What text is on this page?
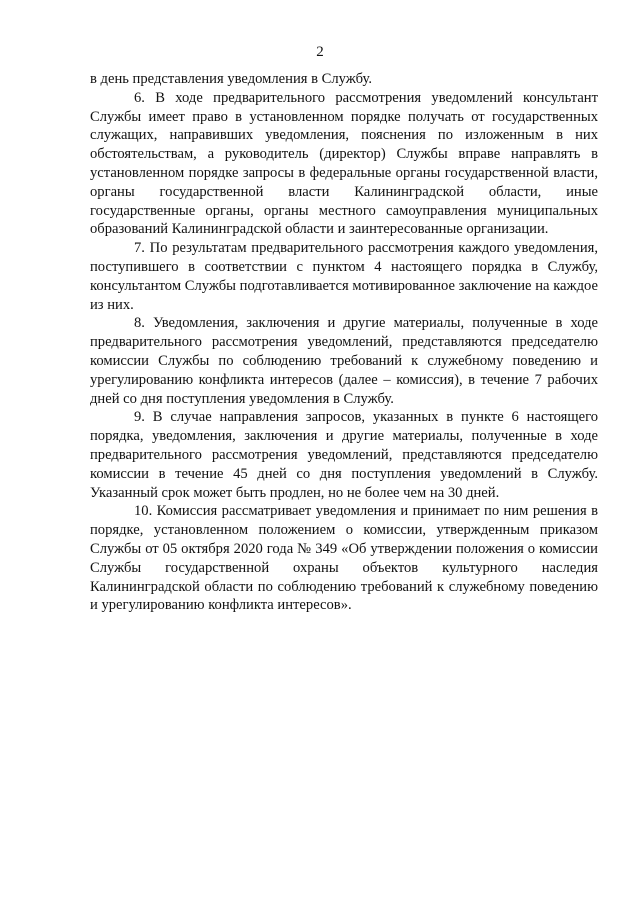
2

в день представления уведомления в Службу.

6. В ходе предварительного рассмотрения уведомлений консультант Службы имеет право в установленном порядке получать от государственных служащих, направивших уведомления, пояснения по изложенным в них обстоятельствам, а руководитель (директор) Службы вправе направлять в установленном порядке запросы в федеральные органы государственной власти, органы государственной власти Калининградской области, иные государственные органы, органы местного самоуправления муниципальных образований Калининградской области и заинтересованные организации.

7. По результатам предварительного рассмотрения каждого уведомления, поступившего в соответствии с пунктом 4 настоящего порядка в Службу, консультантом Службы подготавливается мотивированное заключение на каждое из них.

8. Уведомления, заключения и другие материалы, полученные в ходе предварительного рассмотрения уведомлений, представляются председателю комиссии Службы по соблюдению требований к служебному поведению и урегулированию конфликта интересов (далее – комиссия), в течение 7 рабочих дней со дня поступления уведомления в Службу.

9. В случае направления запросов, указанных в пункте 6 настоящего порядка, уведомления, заключения и другие материалы, полученные в ходе предварительного рассмотрения уведомлений, представляются председателю комиссии в течение 45 дней со дня поступления уведомлений в Службу. Указанный срок может быть продлен, но не более чем на 30 дней.

10. Комиссия рассматривает уведомления и принимает по ним решения в порядке, установленном положением о комиссии, утвержденным приказом Службы от 05 октября 2020 года № 349 «Об утверждении положения о комиссии Службы государственной охраны объектов культурного наследия Калининградской области по соблюдению требований к служебному поведению и урегулированию конфликта интересов».
